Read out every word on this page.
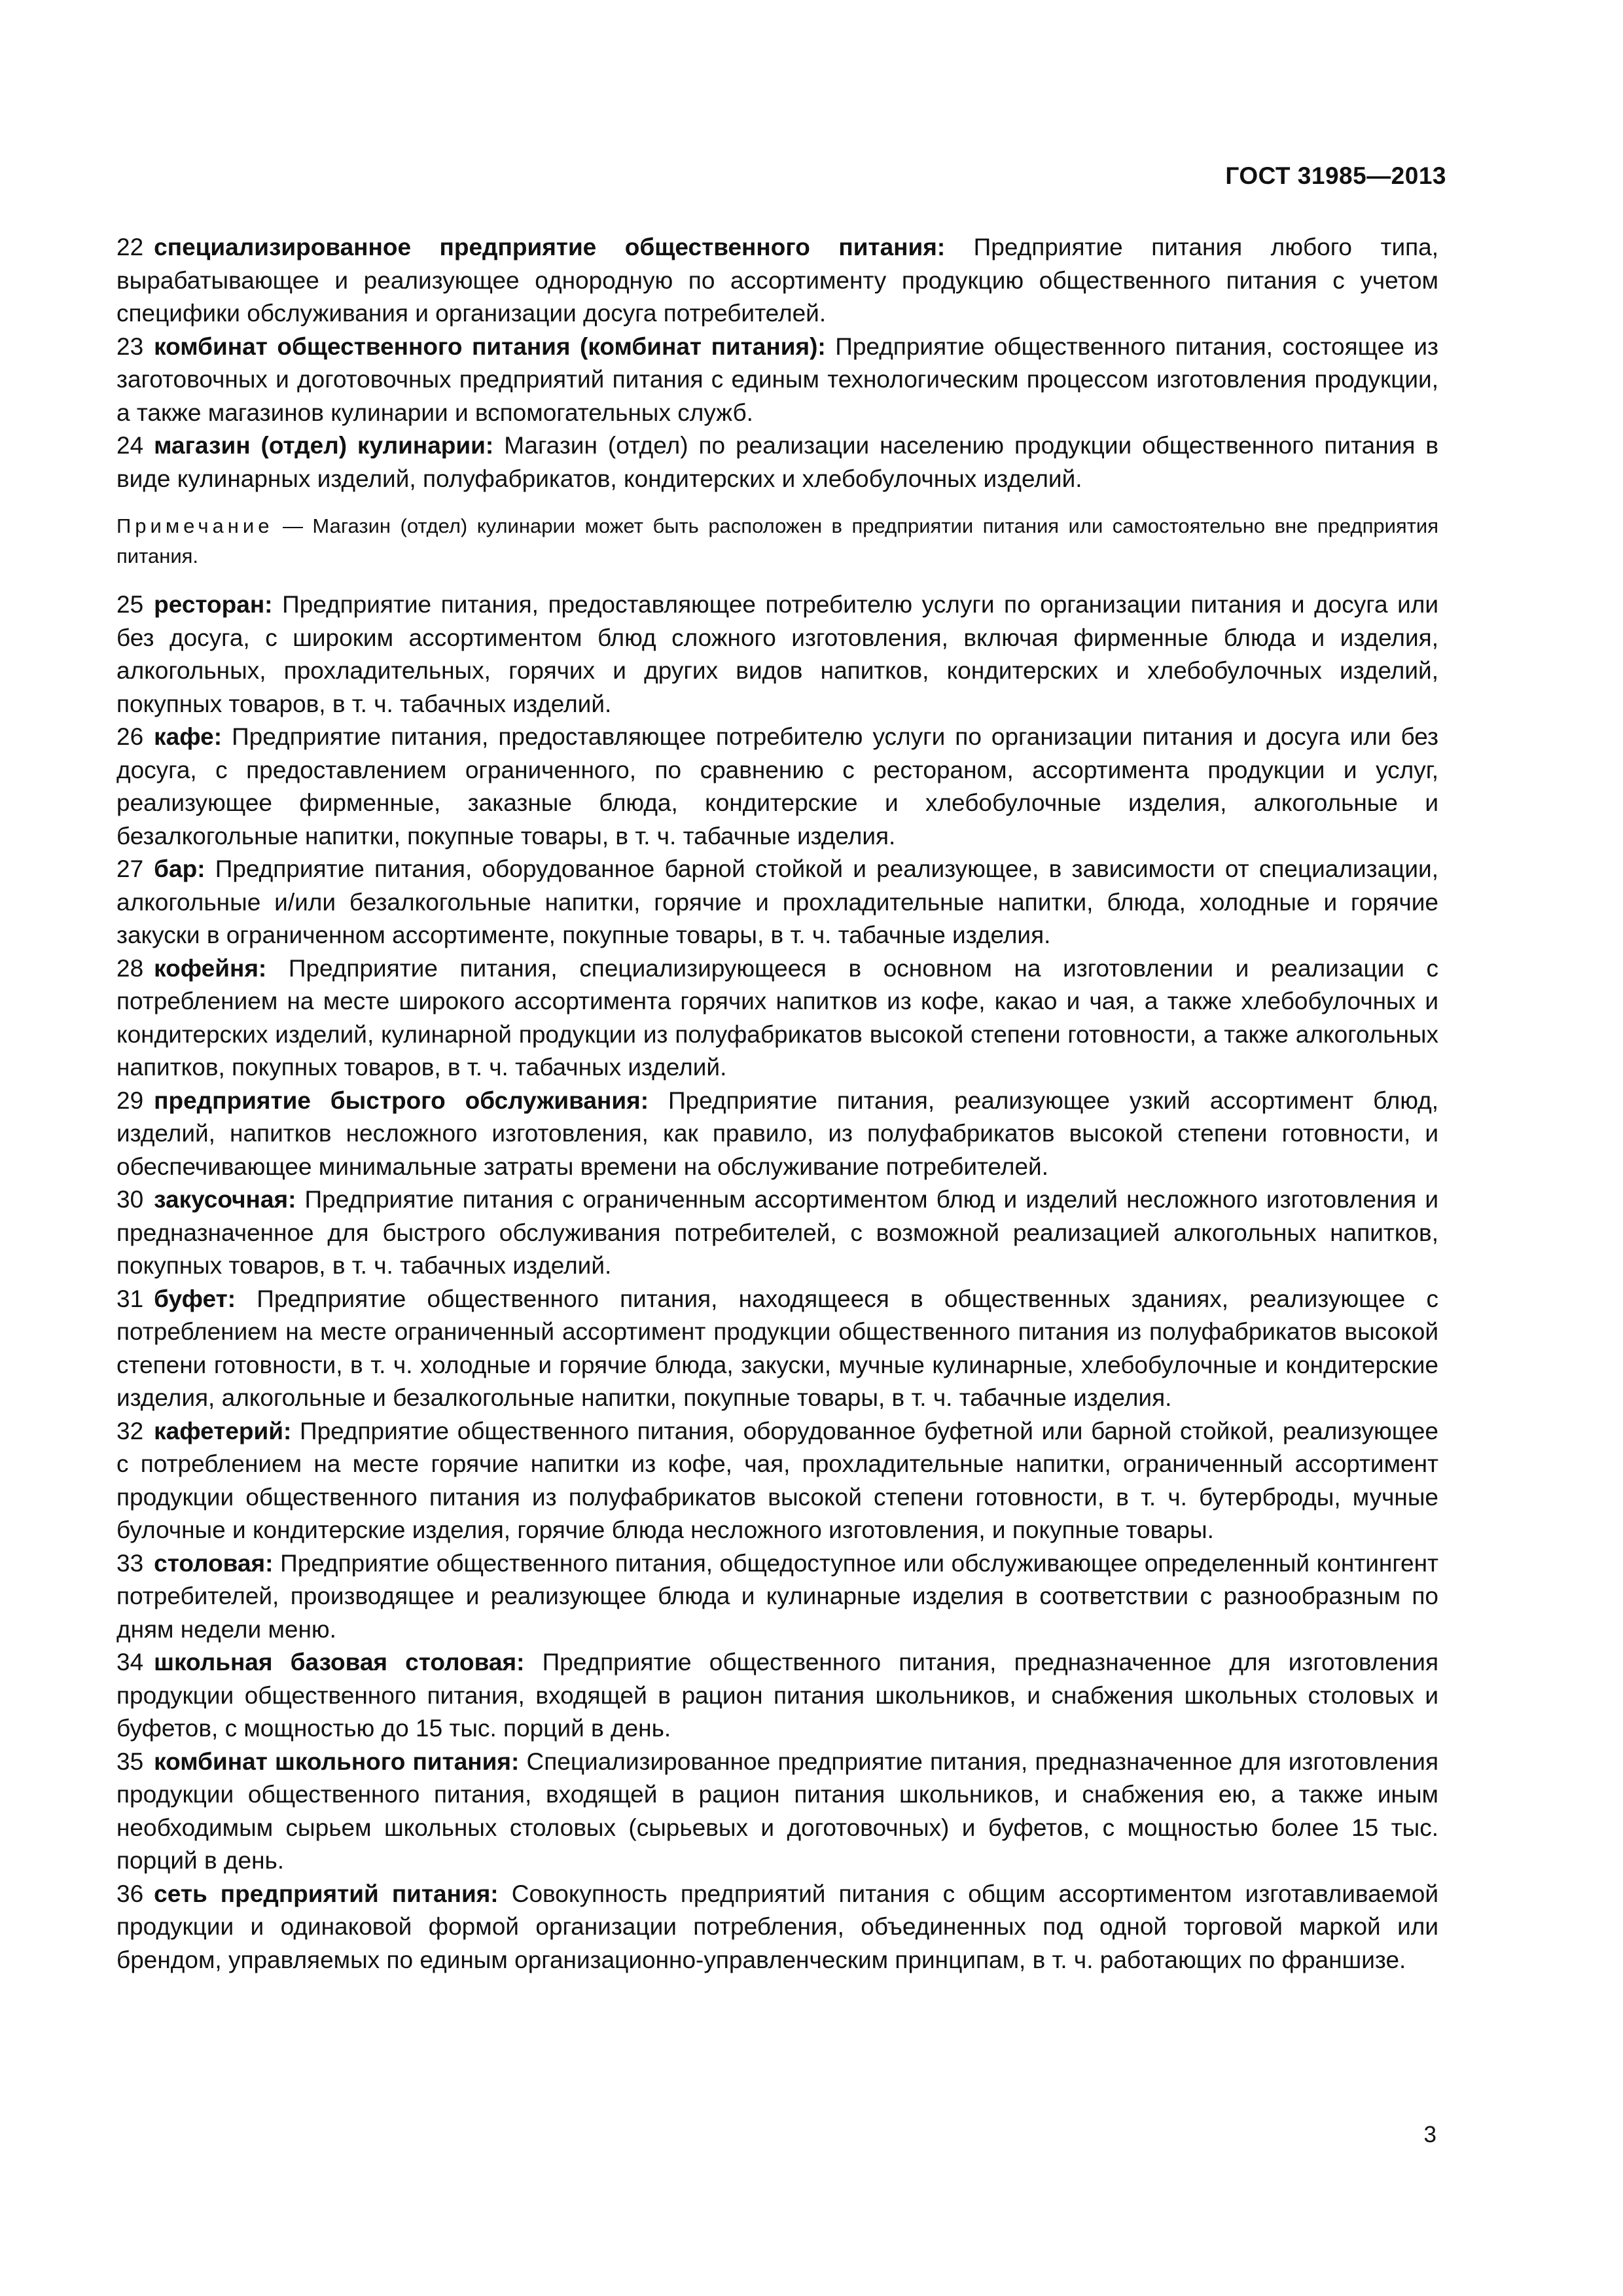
ГОСТ 31985—2013

22 специализированное предприятие общественного питания: Предприятие питания любого типа, вырабатывающее и реализующее однородную по ассортименту продукцию общественного питания с учетом специфики обслуживания и организации досуга потребителей.

23 комбинат общественного питания (комбинат питания): Предприятие общественного питания, состоящее из заготовочных и доготовочных предприятий питания с единым технологическим процессом изготовления продукции, а также магазинов кулинарии и вспомогательных служб.

24 магазин (отдел) кулинарии: Магазин (отдел) по реализации населению продукции общественного питания в виде кулинарных изделий, полуфабрикатов, кондитерских и хлебобулочных изделий.

Примечание — Магазин (отдел) кулинарии может быть расположен в предприятии питания или самостоятельно вне предприятия питания.

25 ресторан: Предприятие питания, предоставляющее потребителю услуги по организации питания и досуга или без досуга, с широким ассортиментом блюд сложного изготовления, включая фирменные блюда и изделия, алкогольных, прохладительных, горячих и других видов напитков, кондитерских и хлебобулочных изделий, покупных товаров, в т. ч. табачных изделий.

26 кафе: Предприятие питания, предоставляющее потребителю услуги по организации питания и досуга или без досуга, с предоставлением ограниченного, по сравнению с рестораном, ассортимента продукции и услуг, реализующее фирменные, заказные блюда, кондитерские и хлебобулочные изделия, алкогольные и безалкогольные напитки, покупные товары, в т. ч. табачные изделия.

27 бар: Предприятие питания, оборудованное барной стойкой и реализующее, в зависимости от специализации, алкогольные и/или безалкогольные напитки, горячие и прохладительные напитки, блюда, холодные и горячие закуски в ограниченном ассортименте, покупные товары, в т. ч. табачные изделия.

28 кофейня: Предприятие питания, специализирующееся в основном на изготовлении и реализации с потреблением на месте широкого ассортимента горячих напитков из кофе, какао и чая, а также хлебобулочных и кондитерских изделий, кулинарной продукции из полуфабрикатов высокой степени готовности, а также алкогольных напитков, покупных товаров, в т. ч. табачных изделий.

29 предприятие быстрого обслуживания: Предприятие питания, реализующее узкий ассортимент блюд, изделий, напитков несложного изготовления, как правило, из полуфабрикатов высокой степени готовности, и обеспечивающее минимальные затраты времени на обслуживание потребителей.

30 закусочная: Предприятие питания с ограниченным ассортиментом блюд и изделий несложного изготовления и предназначенное для быстрого обслуживания потребителей, с возможной реализацией алкогольных напитков, покупных товаров, в т. ч. табачных изделий.

31 буфет: Предприятие общественного питания, находящееся в общественных зданиях, реализующее с потреблением на месте ограниченный ассортимент продукции общественного питания из полуфабрикатов высокой степени готовности, в т. ч. холодные и горячие блюда, закуски, мучные кулинарные, хлебобулочные и кондитерские изделия, алкогольные и безалкогольные напитки, покупные товары, в т. ч. табачные изделия.

32 кафетерий: Предприятие общественного питания, оборудованное буфетной или барной стойкой, реализующее с потреблением на месте горячие напитки из кофе, чая, прохладительные напитки, ограниченный ассортимент продукции общественного питания из полуфабрикатов высокой степени готовности, в т. ч. бутерброды, мучные булочные и кондитерские изделия, горячие блюда несложного изготовления, и покупные товары.

33 столовая: Предприятие общественного питания, общедоступное или обслуживающее определенный контингент потребителей, производящее и реализующее блюда и кулинарные изделия в соответствии с разнообразным по дням недели меню.

34 школьная базовая столовая: Предприятие общественного питания, предназначенное для изготовления продукции общественного питания, входящей в рацион питания школьников, и снабжения школьных столовых и буфетов, с мощностью до 15 тыс. порций в день.

35 комбинат школьного питания: Специализированное предприятие питания, предназначенное для изготовления продукции общественного питания, входящей в рацион питания школьников, и снабжения ею, а также иным необходимым сырьем школьных столовых (сырьевых и доготовочных) и буфетов, с мощностью более 15 тыс. порций в день.

36 сеть предприятий питания: Совокупность предприятий питания с общим ассортиментом изготавливаемой продукции и одинаковой формой организации потребления, объединенных под одной торговой маркой или брендом, управляемых по единым организационно-управленческим принципам, в т. ч. работающих по франшизе.

3
